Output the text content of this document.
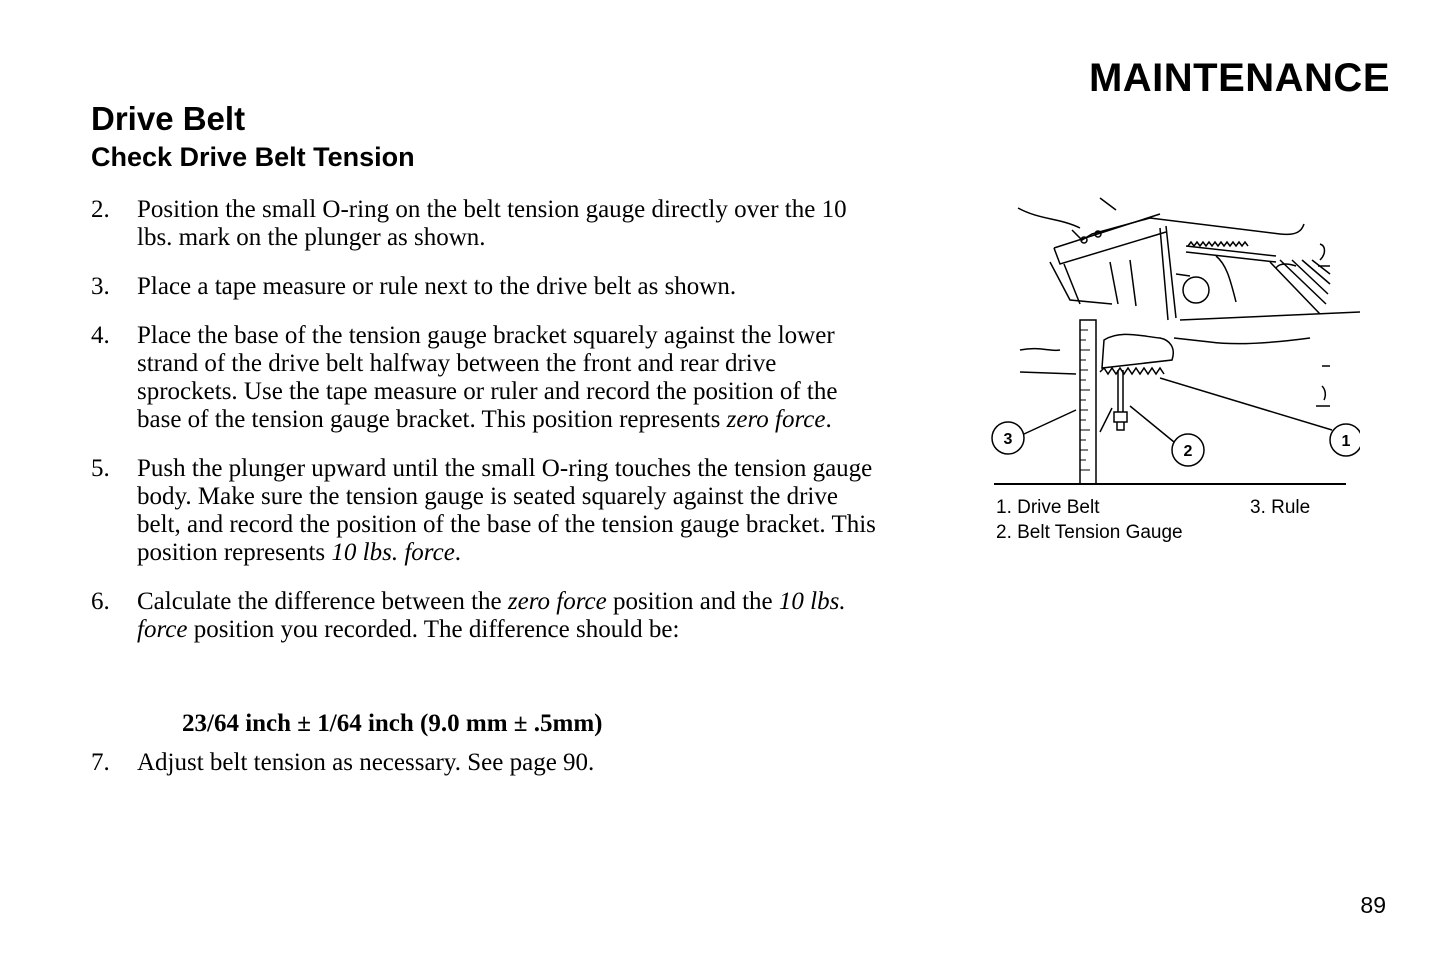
MAINTENANCE
Drive Belt
Check Drive Belt Tension
2. Position the small O-ring on the belt tension gauge directly over the 10 lbs. mark on the plunger as shown.

3. Place a tape measure or rule next to the drive belt as shown.

4. Place the base of the tension gauge bracket squarely against the lower strand of the drive belt halfway between the front and rear drive sprockets. Use the tape measure or ruler and record the position of the base of the tension gauge bracket. This position represents zero force.

5. Push the plunger upward until the small O-ring touches the tension gauge body. Make sure the tension gauge is seated squarely against the drive belt, and record the position of the base of the tension gauge bracket. This position represents 10 lbs. force.

6. Calculate the difference between the zero force position and the 10 lbs. force position you recorded. The difference should be:

23/64 inch ± 1/64 inch (9.0 mm ± .5mm)
7. Adjust belt tension as necessary. See page 90.

3
2
1
1. Drive Belt
2. Belt Tension Gauge
3. Rule
89
